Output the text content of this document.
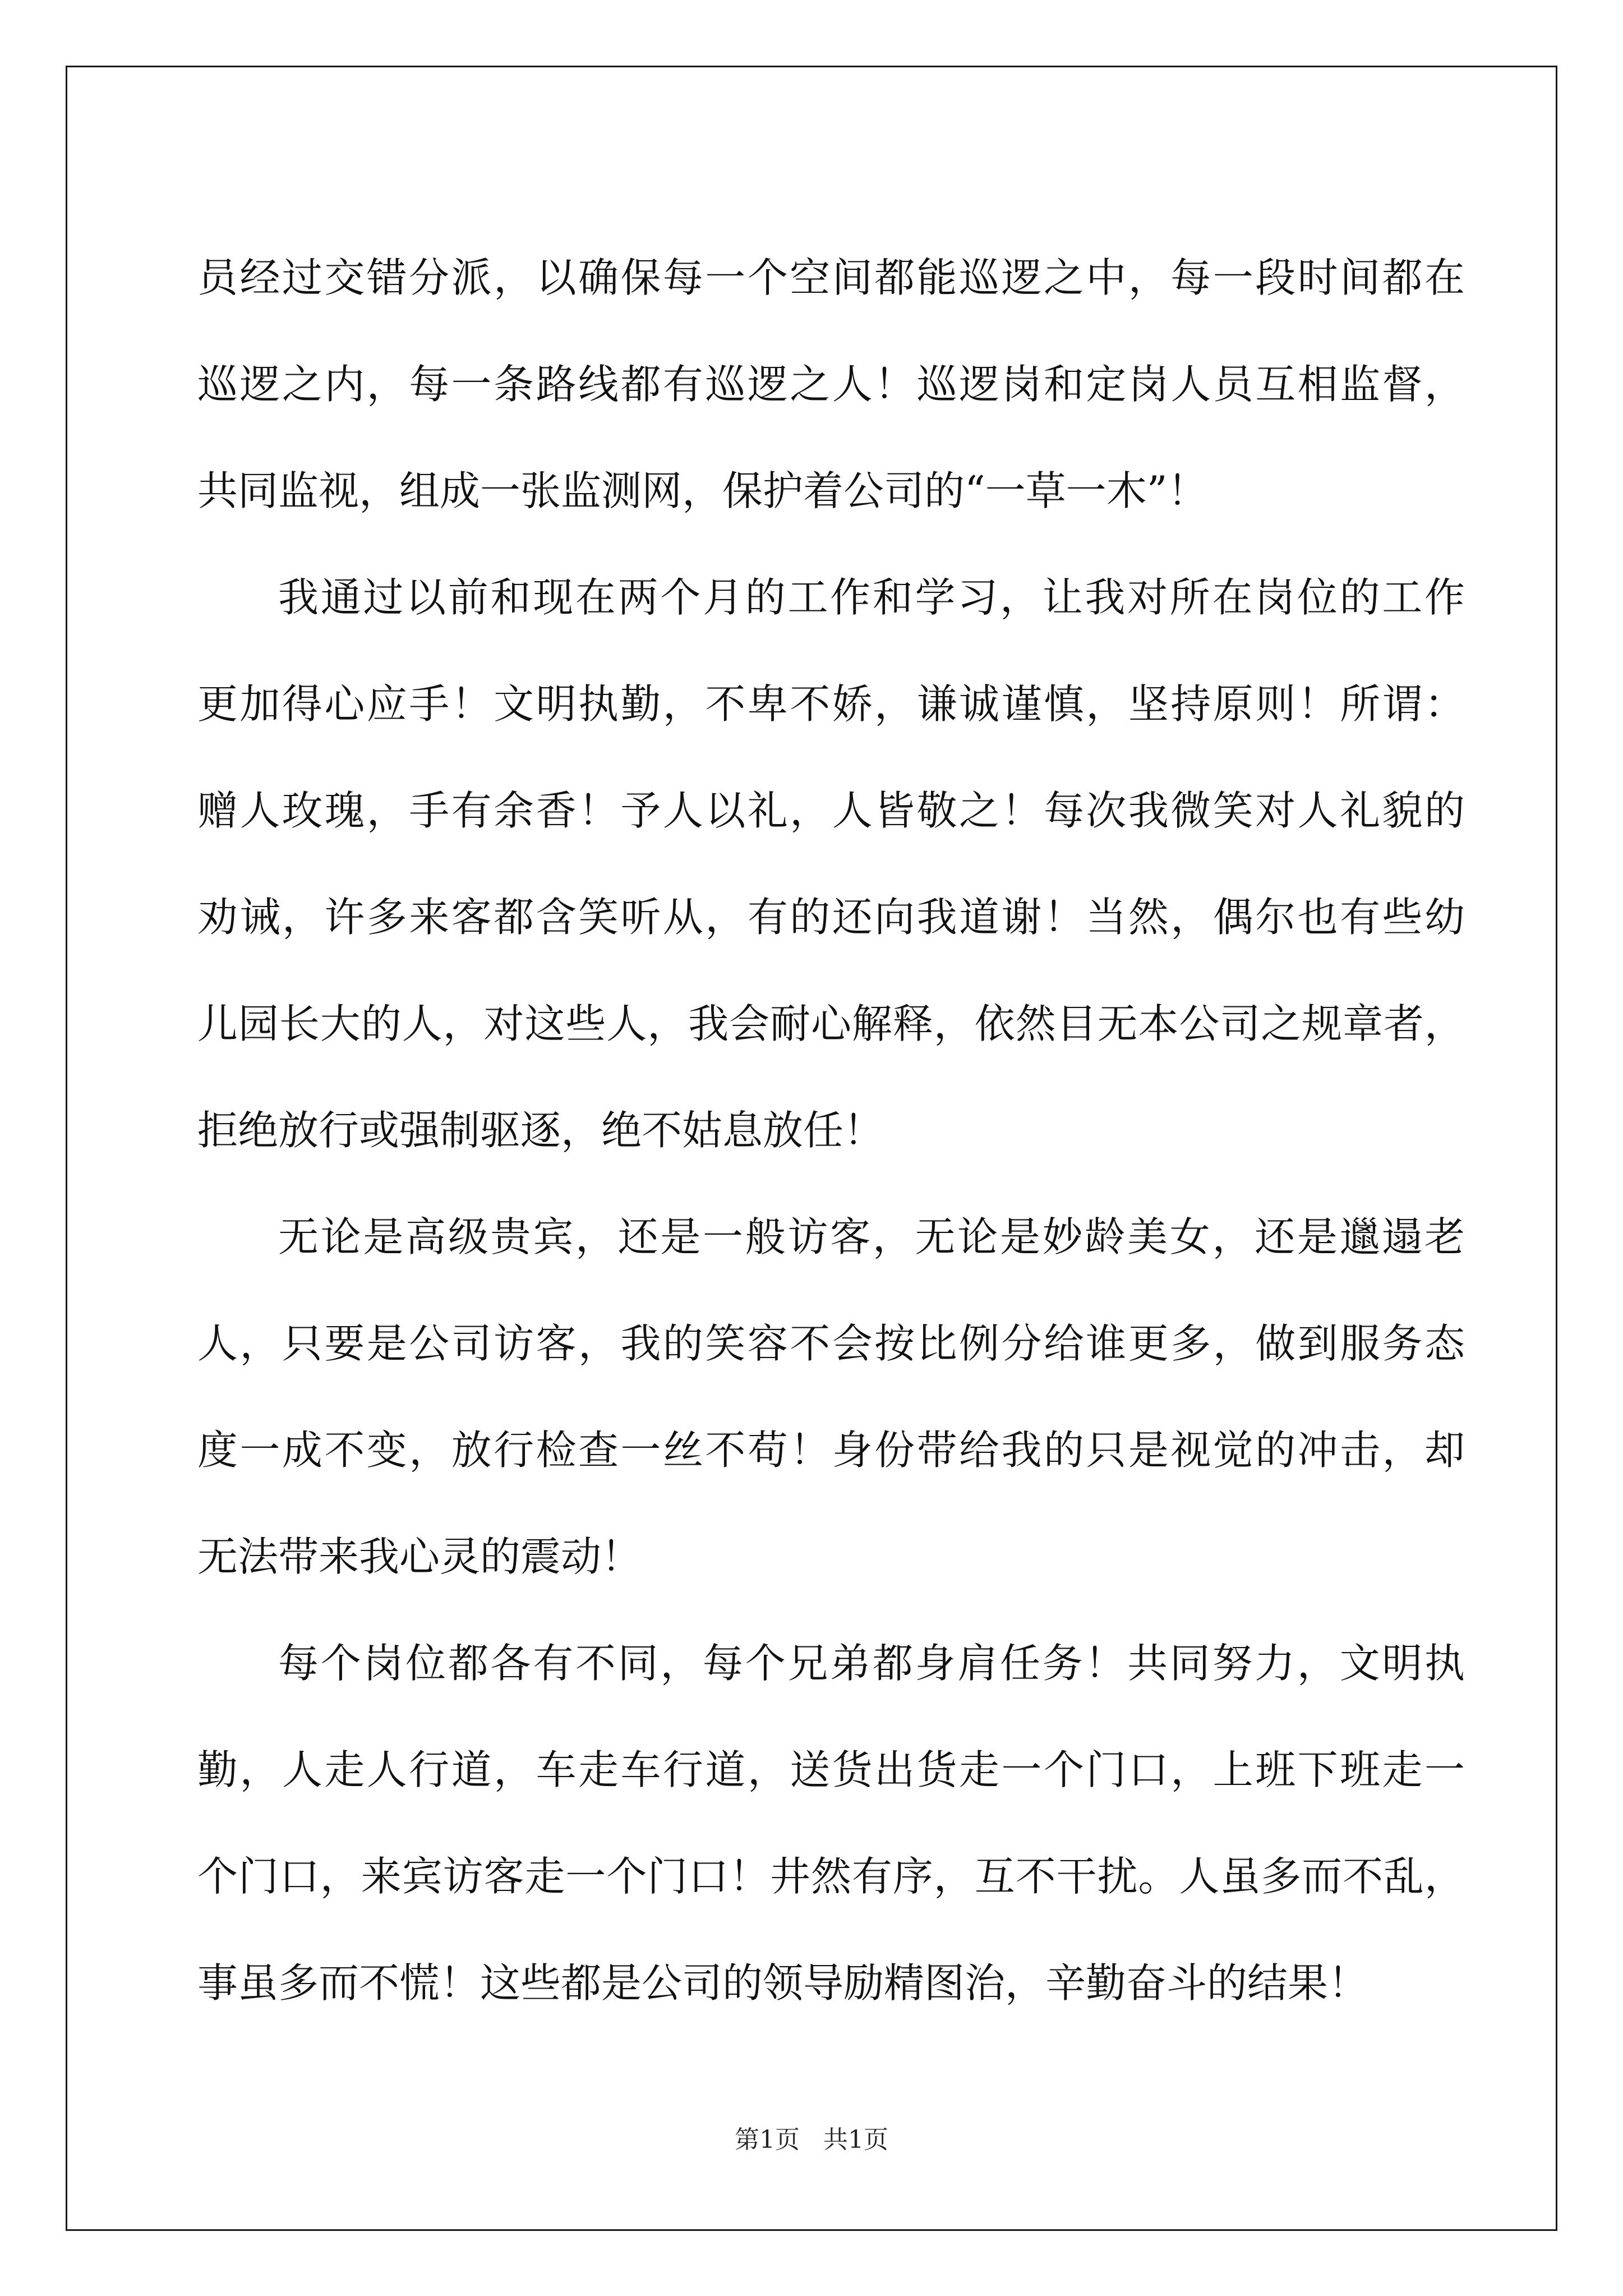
员经过交错分派，以确保每一个空间都能巡逻之中，每一段时间都在
巡逻之内，每一条路线都有巡逻之人！巡逻岗和定岗人员互相监督，
共同监视，组成一张监测网，保护着公司的“一草一木”！
我通过以前和现在两个月的工作和学习，让我对所在岗位的工作
更加得心应手！文明执勤，不卑不娇，谦诚谨慎，坚持原则！所谓：
赠人玫瑰，手有余香！予人以礼，人皆敬之！每次我微笑对人礼貌的
劝诫，许多来客都含笑听从，有的还向我道谢！当然，偶尔也有些幼
儿园长大的人，对这些人，我会耐心解释，依然目无本公司之规章者，
拒绝放行或强制驱逐，绝不姑息放任！
无论是高级贵宾，还是一般访客，无论是妙龄美女，还是邋遢老
人，只要是公司访客，我的笑容不会按比例分给谁更多，做到服务态
度一成不变，放行检查一丝不苟！身份带给我的只是视觉的冲击，却
无法带来我心灵的震动！
每个岗位都各有不同，每个兄弟都身肩任务！共同努力，文明执
勤，人走人行道，车走车行道，送货出货走一个门口，上班下班走一
个门口，来宾访客走一个门口！井然有序，互不干扰。人虽多而不乱，
事虽多而不慌！这些都是公司的领导励精图治，辛勤奋斗的结果！
第1页 共1页
